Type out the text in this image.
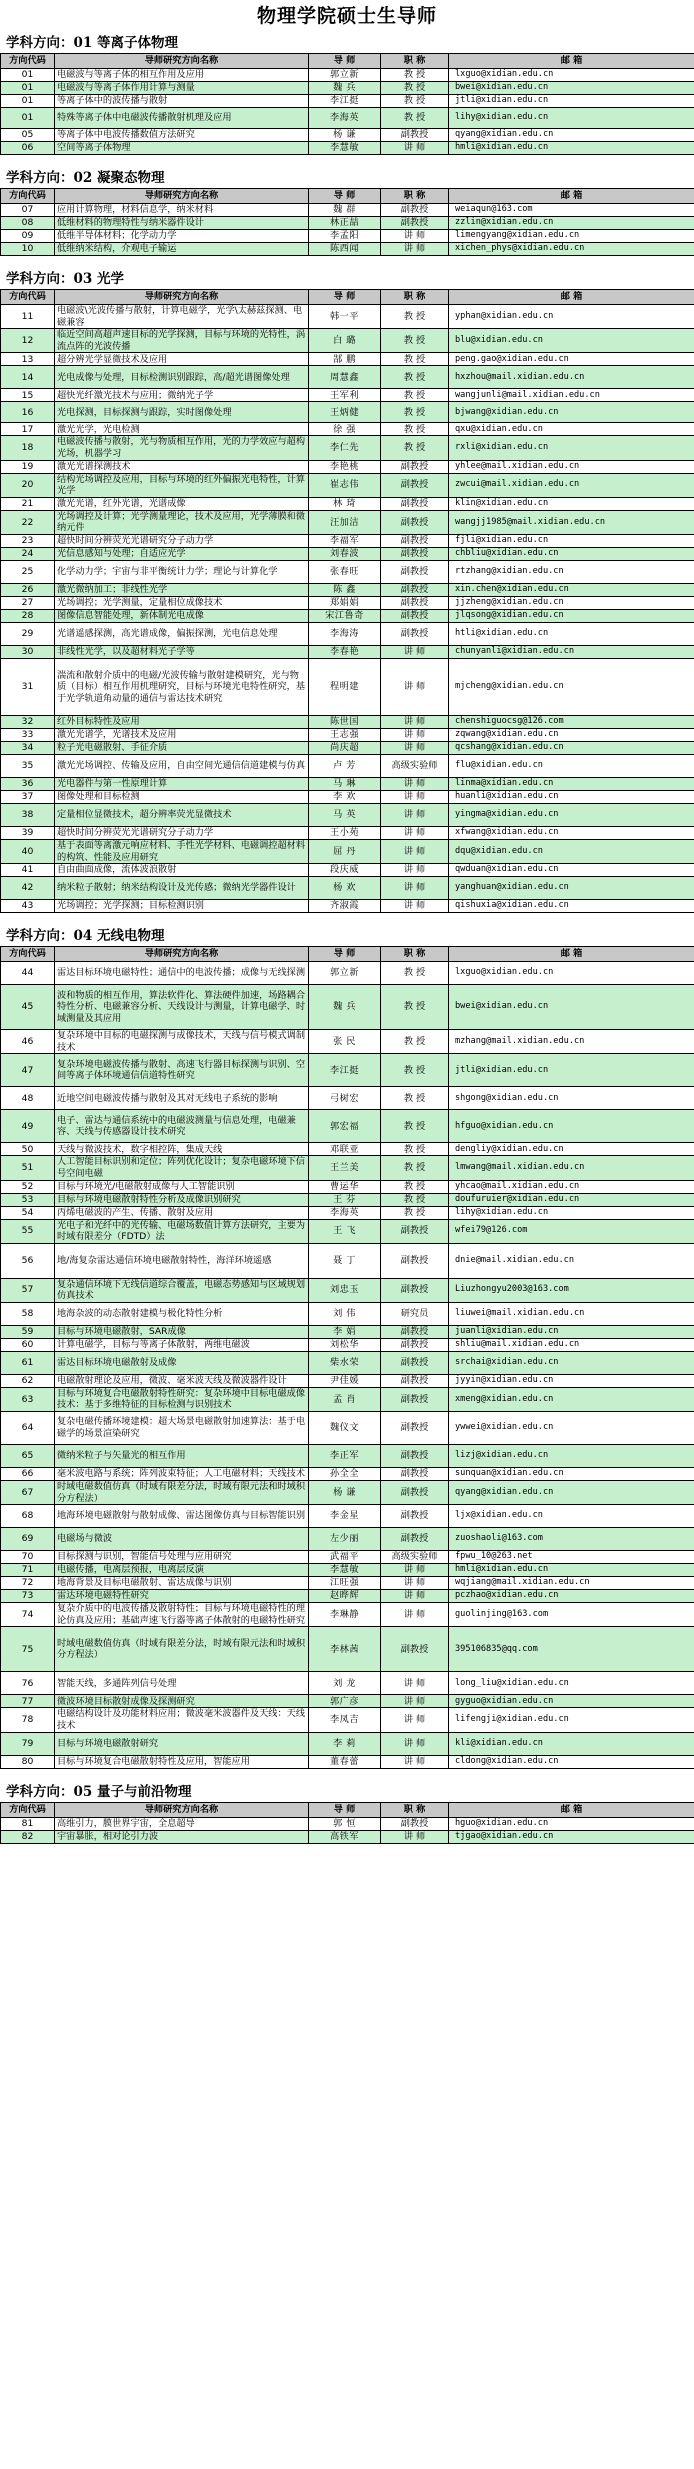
物理学院硕士生导师
学科方向：01 等离子体物理
方向代码	导师研究方向名称	导 师	职 称	邮 箱
01	电磁波与等离子体的相互作用及应用	郭立新	教 授	lxguo@xidian.edu.cn
01	电磁波与等离子体作用计算与测量	魏 兵	教 授	bwei@xidian.edu.cn
01	等离子体中的波传播与散射	李江挺	教 授	jtli@xidian.edu.cn
01	特殊等离子体中电磁波传播散射机理及应用	李海英	教 授	lihy@xidian.edu.cn
05	等离子体中电波传播数值方法研究	杨 谦	副教授	qyang@xidian.edu.cn
06	空间等离子体物理	李慧敏	讲 师	hmli@xidian.edu.cn
学科方向：02 凝聚态物理
方向代码	导师研究方向名称	导 师	职 称	邮 箱
07	应用计算物理，材料信息学，纳米材料	魏 群	副教授	weiaqun@163.com
08	低维材料的物理特性与纳米器件设计	林正喆	副教授	zzlin@xidian.edu.cn
09	低维半导体材料；化学动力学	李孟阳	讲 师	limengyang@xidian.edu.cn
10	低维纳米结构，介观电子输运	陈西闻	讲 师	xichen_phys@xidian.edu.cn
学科方向：03 光学
方向代码	导师研究方向名称	导 师	职 称	邮 箱
11	电磁波\光波传播与散射，计算电磁学，光学\太赫兹探测、电磁兼容	韩一平	教 授	yphan@xidian.edu.cn
12	临近空间高超声速目标的光学探测，目标与环境的光特性，涡流点阵的光波传播	白 璐	教 授	blu@xidian.edu.cn
13	超分辨光学显微技术及应用	郜 鹏	教 授	peng.gao@xidian.edu.cn
14	光电成像与处理，目标检测识别跟踪，高/超光谱图像处理	周慧鑫	教 授	hxzhou@mail.xidian.edu.cn
15	超快光纤激光技术与应用；微纳光子学	王军利	教 授	wangjunli@mail.xidian.edu.cn
16	光电探测，目标探测与跟踪，实时图像处理	王炳健	教 授	bjwang@xidian.edu.cn
17	激光光学，光电检测	徐 强	教 授	qxu@xidian.edu.cn
18	电磁波传播与散射，光与物质相互作用，光的力学效应与超构光场，机器学习	李仁先	教 授	rxli@xidian.edu.cn
19	激光光谱探测技术	李艳桃	副教授	yhlee@mail.xidian.edu.cn
20	结构光场调控及应用，目标与环境的红外偏振光电特性，计算光学	崔志伟	副教授	zwcui@mail.xidian.edu.cn
21	激光光谱，红外光谱，光谱成像	林 琦	副教授	klin@xidian.edu.cn
22	光场调控及计算；光学测量理论，技术及应用，光学薄膜和微纳元件	汪加洁	副教授	wangjj1985@mail.xidian.edu.cn
23	超快时间分辨荧光光谱研究分子动力学	李福军	副教授	fjli@xidian.edu.cn
24	光信息感知与处理；自适应光学	刘春波	副教授	chbliu@xidian.edu.cn
25	化学动力学；宇宙与非平衡统计力学；理论与计算化学	张春旺	副教授	rtzhang@xidian.edu.cn
26	激光微纳加工；非线性光学	陈 鑫	副教授	xin.chen@xidian.edu.cn
27	光场调控；光学测量，定量相位成像技术	郑娟娟	副教授	jjzheng@xidian.edu.cn
28	图像信息智能处理，新体制光电成像	宋江鲁奇	副教授	jlqsong@xidian.edu.cn
29	光谱遥感探测，高光谱成像，偏振探测，光电信息处理	李海涛	副教授	htli@xidian.edu.cn
30	非线性光学，以及超材料光子学等	李春艳	讲 师	chunyanli@xidian.edu.cn
31	湍流和散射介质中的电磁/光波传输与散射建模研究，光与物质（目标）相互作用机理研究，目标与环境光电特性研究，基于光学轨道角动量的通信与雷达技术研究	程明建	讲 师	mjcheng@xidian.edu.cn
32	红外目标特性及应用	陈世国	讲 师	chenshiguocsg@126.com
33	激光光谱学，光谱技术及应用	王志强	讲 师	zqwang@xidian.edu.cn
34	粒子光电磁散射、手征介质	尚庆超	讲 师	qcshang@xidian.edu.cn
35	激光光场调控、传输及应用，自由空间光通信信道建模与仿真	卢 芳	高级实验师	flu@xidian.edu.cn
36	光电器件与第一性原理计算	马 琳	讲 师	linma@xidian.edu.cn
37	图像处理和目标检测	李 欢	讲 师	huanli@xidian.edu.cn
38	定量相位显微技术，超分辨率荧光显微技术	马 英	讲 师	yingma@xidian.edu.cn
39	超快时间分辨荧光光谱研究分子动力学	王小苑	讲 师	xfwang@xidian.edu.cn
40	基于表面等离激元响应材料、手性光学材料、电磁调控超材料的构筑、性能及应用研究	屈 丹	讲 师	dqu@xidian.edu.cn
41	自由曲面成像，流体波浪散射	段庆威	讲 师	qwduan@xidian.edu.cn
42	纳米粒子散射；纳米结构设计及光传感；微纳光学器件设计	杨 欢	讲 师	yanghuan@xidian.edu.cn
43	光场调控；光学探测；目标检测识别	齐淑霞	讲 师	qishuxia@xidian.edu.cn
学科方向：04 无线电物理
方向代码	导师研究方向名称	导 师	职 称	邮 箱
44	雷达目标环境电磁特性；通信中的电波传播；成像与无线探测	郭立新	教 授	lxguo@xidian.edu.cn
45	波和物质的相互作用，算法软件化、算法硬件加速，场路耦合特性分析、电磁兼容分析、天线设计与测量，计算电磁学、时域测量及其应用	魏 兵	教 授	bwei@xidian.edu.cn
46	复杂环境中目标的电磁探测与成像技术，天线与信号模式调制技术	张 民	教 授	mzhang@mail.xidian.edu.cn
47	复杂环境电磁波传播与散射、高速飞行器目标探测与识别、空间等离子体环境通信信道特性研究	李江挺	教 授	jtli@xidian.edu.cn
48	近地空间电磁波传播与散射及其对无线电子系统的影响	弓树宏	教 授	shgong@xidian.edu.cn
49	电子、雷达与通信系统中的电磁波测量与信息处理，电磁兼容、天线与传感器设计技术研究	郭宏福	教 授	hfguo@xidian.edu.cn
50	天线与微波技术，数字相控阵，集成天线	邓联亚	教 授	dengliy@xidian.edu.cn
51	人工智能目标识别和定位；阵列优化设计；复杂电磁环境下信号空间电磁	王兰美	教 授	lmwang@mail.xidian.edu.cn
52	目标与环境光/电磁散射成像与人工智能识别	曹运华	教 授	yhcao@mail.xidian.edu.cn
53	目标与环境电磁散射特性分析及成像识别研究	王 芬	教 授	doufuruier@xidian.edu.cn
54	丙烯电磁波的产生、传播、散射及应用	李海英	教 授	lihy@xidian.edu.cn
55	光电子和光纤中的光传输、电磁场数值计算方法研究，主要为时域有限差分（FDTD）法	王 飞	副教授	wfei79@126.com
56	地/海复杂雷达通信环境电磁散射特性，海洋环境遥感	聂 丁	副教授	dnie@mail.xidian.edu.cn
57	复杂通信环境下无线信道综合覆盖，电磁态势感知与区域规划仿真技术	刘忠玉	副教授	Liuzhongyu2003@163.com
58	地海杂波的动态散射建模与极化特性分析	刘 伟	研究员	liuwei@mail.xidian.edu.cn
59	目标与环境电磁散射，SAR成像	李 娟	副教授	juanli@xidian.edu.cn
60	计算电磁学，目标与等离子体散射，两维电磁波	刘松华	副教授	shliu@mail.xidian.edu.cn
61	雷达目标环境电磁散射及成像	柴水荣	副教授	srchai@xidian.edu.cn
62	电磁散射理论及应用，微波、毫米波天线及微波器件设计	尹佳媛	副教授	jyyin@xidian.edu.cn
63	目标与环境复合电磁散射特性研究：复杂环境中目标电磁成像技术：基于多维特征的目标检测与识别技术	孟 肖	副教授	xmeng@xidian.edu.cn
64	复杂电磁传播环境建模：超大场景电磁散射加速算法：基于电磁学的场景渲染研究	魏仪文	副教授	ywwei@xidian.edu.cn
65	微纳米粒子与矢量光的相互作用	李正军	副教授	lizj@xidian.edu.cn
66	毫米波电路与系统；阵列波束特征；人工电磁材料；天线技术	孙全全	副教授	sunquan@xidian.edu.cn
67	时域电磁数值仿真（时域有限差分法，时域有限元法和时域积分方程法）	杨 谦	副教授	qyang@xidian.edu.cn
68	地海环境电磁散射与散射成像、雷达图像仿真与目标智能识别	李金星	副教授	ljx@xidian.edu.cn
69	电磁场与微波	左少丽	副教授	zuoshaoli@163.com
70	目标探测与识别，智能信号处理与应用研究	武福平	高级实验师	fpwu_10@263.net
71	电磁传播，电离层预报，电离层反演	李慧敏	讲 师	hmli@xidian.edu.cn
72	地海背景及目标电磁散射、雷达成像与识别	江旺强	讲 师	wqjiang@mail.xidian.edu.cn
73	雷达环境电磁特性研究	赵晔辉	讲 师	pczhao@xidian.edu.cn
74	复杂介质中的电波传播及散射特性；目标与环境电磁特性的理论仿真及应用；基础声速飞行器等离子体散射的电磁特性研究	李琳静	讲 师	guolinjing@163.com
75	时域电磁数值仿真（时域有限差分法，时域有限元法和时域积分方程法）	李林茜	副教授	395106835@qq.com
76	智能天线，多通阵列信号处理	刘 龙	讲 师	long_liu@xidian.edu.cn
77	微波环境目标散射成像及探测研究	郭广彦	讲 师	gyguo@xidian.edu.cn
78	电磁结构设计及功能材料应用；微波毫米波器件及天线：天线技术	李凤吉	讲 师	lifengji@xidian.edu.cn
79	目标与环境电磁散射研究	李 莉	讲 师	kli@xidian.edu.cn
80	目标与环境复合电磁散射特性及应用，智能应用	董春蕾	讲 师	cldong@xidian.edu.cn
学科方向：05 量子与前沿物理
方向代码	导师研究方向名称	导 师	职 称	邮 箱
81	高维引力，膜世界宇宙，全息超导	郭 恒	副教授	hguo@xidian.edu.cn
82	宇宙暴胀，相对论引力波	高铁军	讲 师	tjgao@xidian.edu.cn
